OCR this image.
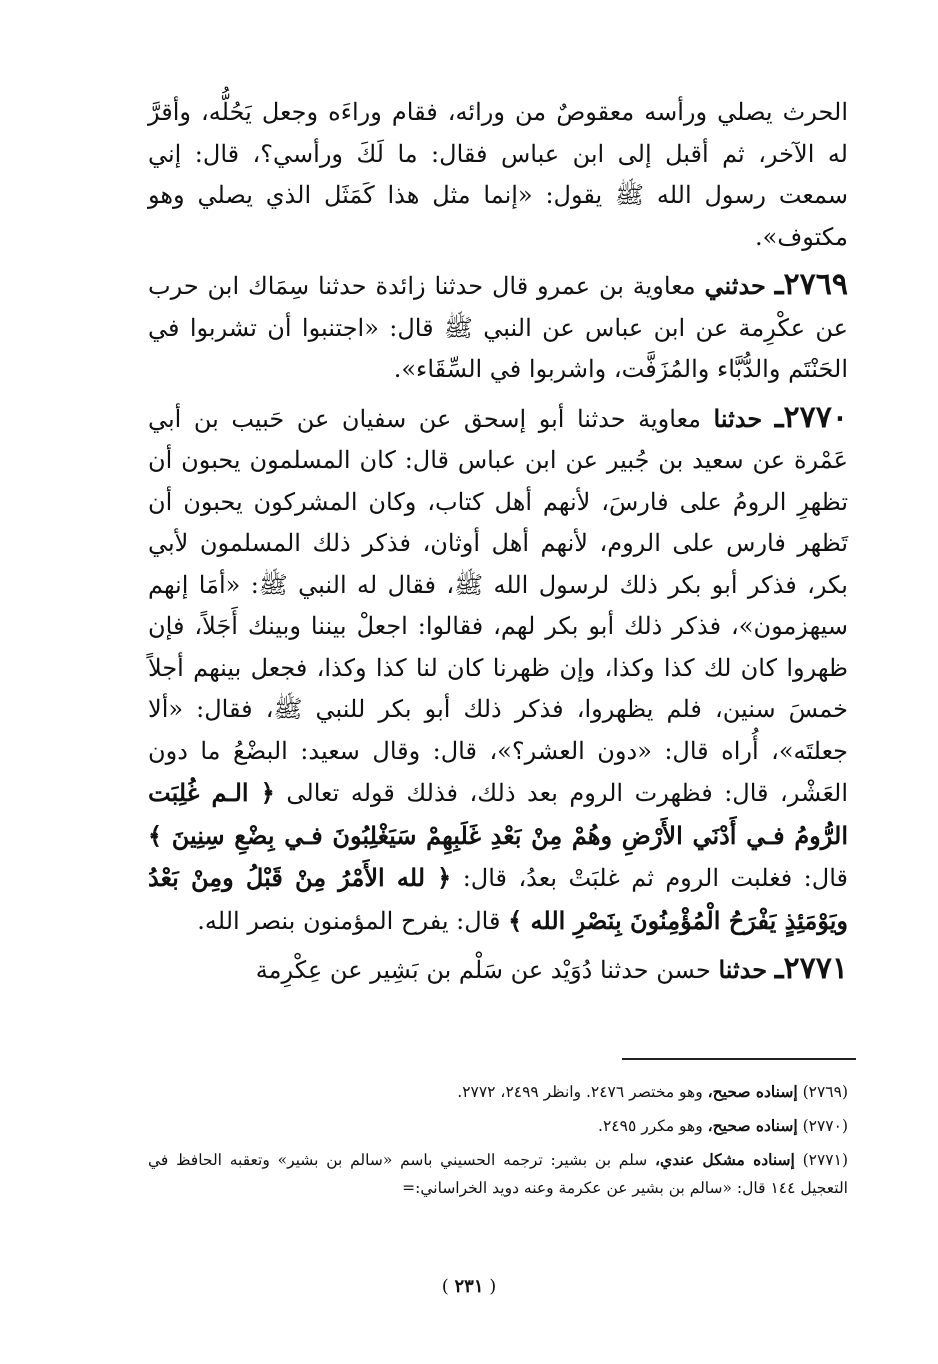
الحرث يصلي ورأسه معقوصٌ من ورائه، فقام وراءَه وجعل يَحُلُّه، وأقرَّ له الآخر، ثم أقبل إلى ابن عباس فقال: ما لَكَ ورأسي؟، قال: إني سمعت رسول الله ﷺ يقول: «إنما مثل هذا كَمَثَل الذي يصلي وهو مكتوف».

٢٧٦٩ـ حدثني معاوية بن عمرو قال حدثنا زائدة حدثنا سِمَاك ابن حرب عن عكْرِمة عن ابن عباس عن النبي ﷺ قال: «اجتنبوا أن تشربوا في الحَنْتَم والدُّبَّاء والمُزَفَّت، واشربوا في السِّقَاء».

٢٧٧٠ـ حدثنا معاوية حدثنا أبو إسحق عن سفيان عن حَبيب بن أبي عَمْرة عن سعيد بن جُبير عن ابن عباس قال: كان المسلمون يحبون أن تظهرِ الرومُ على فارسَ، لأنهم أهل كتاب، وكان المشركون يحبون أن تَظهر فارس على الروم، لأنهم أهل أوثان، فذكر ذلك المسلمون لأبي بكر، فذكر أبو بكر ذلك لرسول الله ﷺ، فقال له النبي ﷺ: «أمَا إنهم سيهزمون»، فذكر ذلك أبو بكر لهم، فقالوا: اجعلْ بيننا وبينك أَجَلاً، فإن ظهروا كان لك كذا وكذا، وإن ظهرنا كان لنا كذا وكذا، فجعل بينهم أجلاً خمسَ سنين، فلم يظهروا، فذكر ذلك أبو بكر للنبي ﷺ، فقال: «ألا جعلتَه»، أُراه قال: «دون العشر؟»، قال: وقال سعيد: البضْعُ ما دون العَشْر، قال: فظهرت الروم بعد ذلك، فذلك قوله تعالى ﴿ الـم غُلِبَت الرُّومُ فـي أَدْنَي الأَرْضِ وهُمْ مِنْ بَعْدِ غَلَبِهِمْ سَيَغْلِبُونَ فـي بِضْعِ سِنِينَ ﴾ قال: فغلبت الروم ثم غلبَتْ بعدُ، قال: ﴿ لله الأَمْرُ مِنْ قَبْلُ ومِنْ بَعْدُ ويَوْمَئِذٍ يَفْرَحُ الْمُؤْمِنُونَ بِنَصْرِ الله ﴾ قال: يفرح المؤمنون بنصر الله.

٢٧٧١ـ حدثنا حسن حدثنا دُوَيْد عن سَلْم بن بَشِير عن عِكْرِمة

(٢٧٦٩) إسناده صحيح، وهو مختصر ٢٤٧٦. وانظر ٢٤٩٩، ٢٧٧٢.

(٢٧٧٠) إسناده صحيح، وهو مكرر ٢٤٩٥.

(٢٧٧١) إسناده مشكل عندي، سلم بن بشير: ترجمه الحسيني باسم «سالم بن بشير» وتعقبه الحافظ في التعجيل ١٤٤ قال: «سالم بن بشير عن عكرمة وعنه دويد الخراساني:=

( ٢٣١ )
